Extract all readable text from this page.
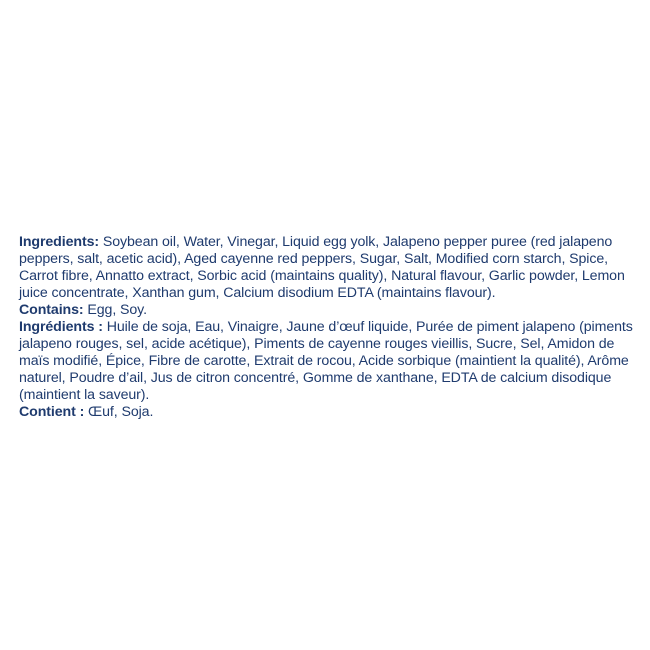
Ingredients: Soybean oil, Water, Vinegar, Liquid egg yolk, Jalapeno pepper puree (red jalapeno peppers, salt, acetic acid), Aged cayenne red peppers, Sugar, Salt, Modified corn starch, Spice, Carrot fibre, Annatto extract, Sorbic acid (maintains quality), Natural flavour, Garlic powder, Lemon juice concentrate, Xanthan gum, Calcium disodium EDTA (maintains flavour).

Contains: Egg, Soy.

Ingrédients : Huile de soja, Eau, Vinaigre, Jaune d’œuf liquide, Purée de piment jalapeno (piments jalapeno rouges, sel, acide acétique), Piments de cayenne rouges vieillis, Sucre, Sel, Amidon de maïs modifié, Épice, Fibre de carotte, Extrait de rocou, Acide sorbique (maintient la qualité), Arôme naturel, Poudre d’ail, Jus de citron concentré, Gomme de xanthane, EDTA de calcium disodique (maintient la saveur).

Contient : Œuf, Soja.
